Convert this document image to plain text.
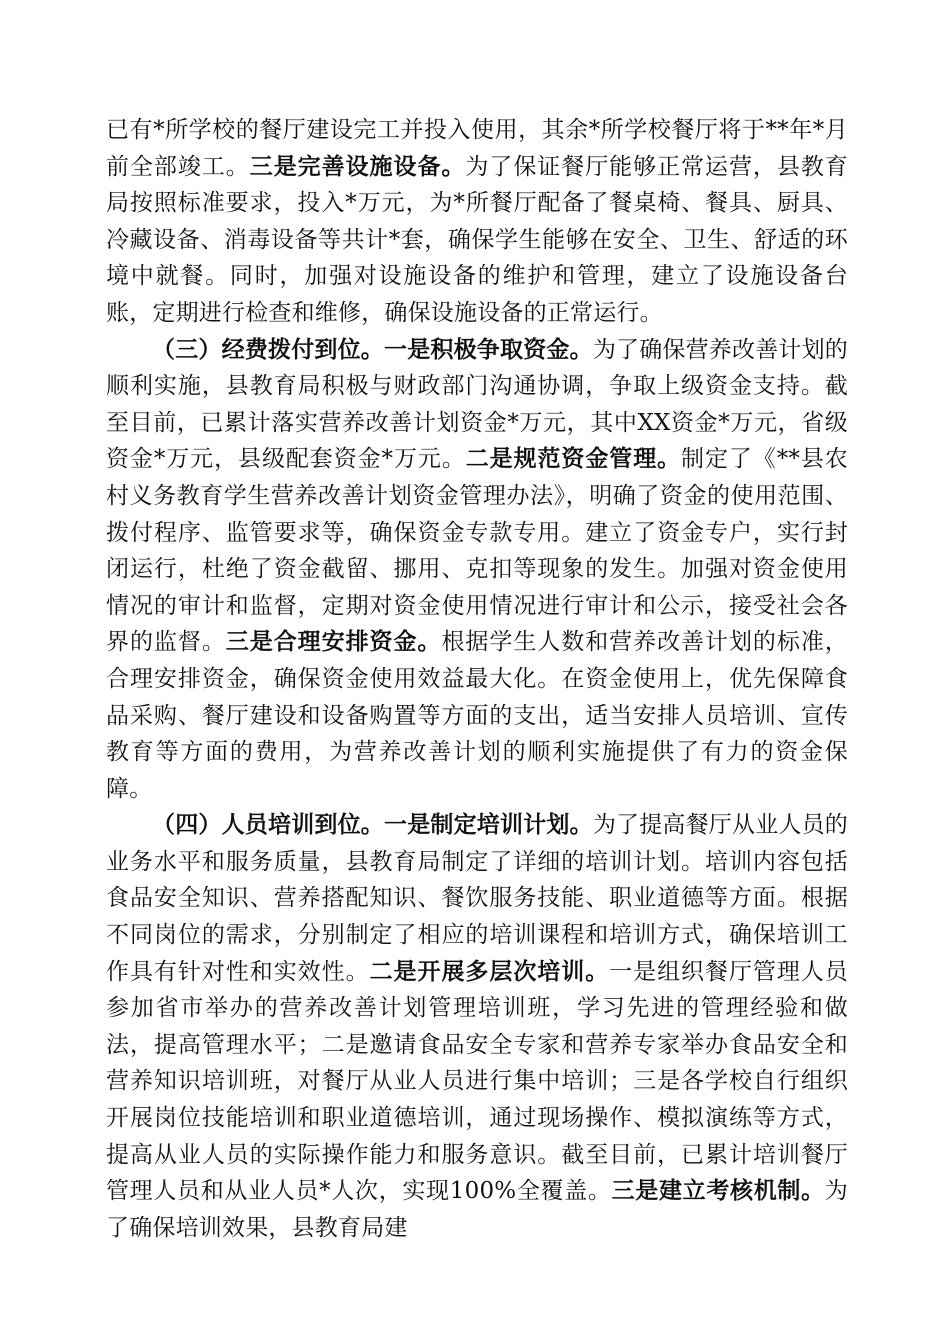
已有*所学校的餐厅建设完工并投入使用，其余*所学校餐厅将于**年*月前全部竣工。三是完善设施设备。为了保证餐厅能够正常运营，县教育局按照标准要求，投入*万元，为*所餐厅配备了餐桌椅、餐具、厨具、冷藏设备、消毒设备等共计*套，确保学生能够在安全、卫生、舒适的环境中就餐。同时，加强对设施设备的维护和管理，建立了设施设备台账，定期进行检查和维修，确保设施设备的正常运行。

（三）经费拨付到位。一是积极争取资金。为了确保营养改善计划的顺利实施，县教育局积极与财政部门沟通协调，争取上级资金支持。截至目前，已累计落实营养改善计划资金*万元，其中XX资金*万元，省级资金*万元，县级配套资金*万元。二是规范资金管理。制定了《**县农村义务教育学生营养改善计划资金管理办法》，明确了资金的使用范围、拨付程序、监管要求等，确保资金专款专用。建立了资金专户，实行封闭运行，杜绝了资金截留、挪用、克扣等现象的发生。加强对资金使用情况的审计和监督，定期对资金使用情况进行审计和公示，接受社会各界的监督。三是合理安排资金。根据学生人数和营养改善计划的标准，合理安排资金，确保资金使用效益最大化。在资金使用上，优先保障食品采购、餐厅建设和设备购置等方面的支出，适当安排人员培训、宣传教育等方面的费用，为营养改善计划的顺利实施提供了有力的资金保障。

（四）人员培训到位。一是制定培训计划。为了提高餐厅从业人员的业务水平和服务质量，县教育局制定了详细的培训计划。培训内容包括食品安全知识、营养搭配知识、餐饮服务技能、职业道德等方面。根据不同岗位的需求，分别制定了相应的培训课程和培训方式，确保培训工作具有针对性和实效性。二是开展多层次培训。一是组织餐厅管理人员参加省市举办的营养改善计划管理培训班，学习先进的管理经验和做法，提高管理水平；二是邀请食品安全专家和营养专家举办食品安全和营养知识培训班，对餐厅从业人员进行集中培训；三是各学校自行组织开展岗位技能培训和职业道德培训，通过现场操作、模拟演练等方式，提高从业人员的实际操作能力和服务意识。截至目前，已累计培训餐厅管理人员和从业人员*人次，实现100%全覆盖。三是建立考核机制。为了确保培训效果，县教育局建
